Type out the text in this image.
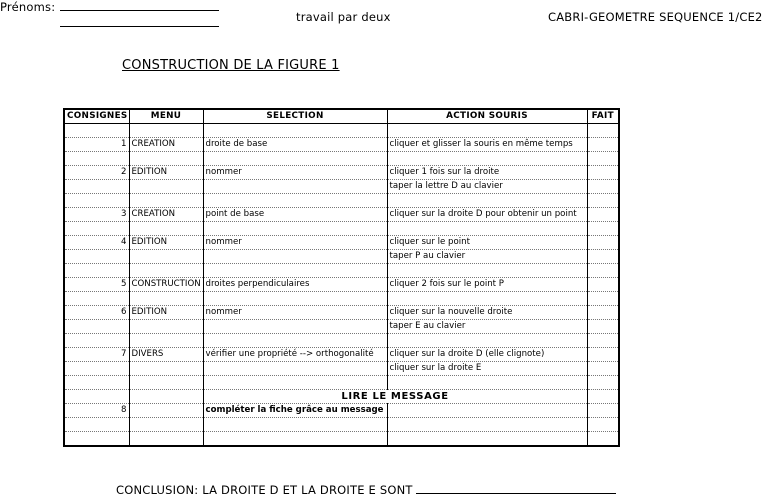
Prénoms:
travail par deux	CABRI-GEOMETRE SEQUENCE 1/CE2
CONSTRUCTION DE LA FIGURE 1
CONSIGNES	MENU	SELECTION	ACTION SOURIS	FAIT

1	CREATION	droite de base	cliquer et glisser la souris en même temps	

2	EDITION	nommer	cliquer 1 fois sur la droite	
			taper la lettre D au clavier	

3	CREATION	point de base	cliquer sur la droite D pour obtenir un point	

4	EDITION	nommer	cliquer sur le point	
			taper P au clavier	

5	CONSTRUCTION	droites perpendiculaires	cliquer 2 fois sur le point P	

6	EDITION	nommer	cliquer sur la nouvelle droite	
			taper E au clavier	

7	DIVERS	vérifier une propriété --> orthogonalité	cliquer sur la droite D (elle clignote)	
			cliquer sur la droite E	

		LIRE LE MESSAGE		
8		compléter la fiche grâce au message		

CONCLUSION: LA DROITE D ET LA DROITE E SONT
